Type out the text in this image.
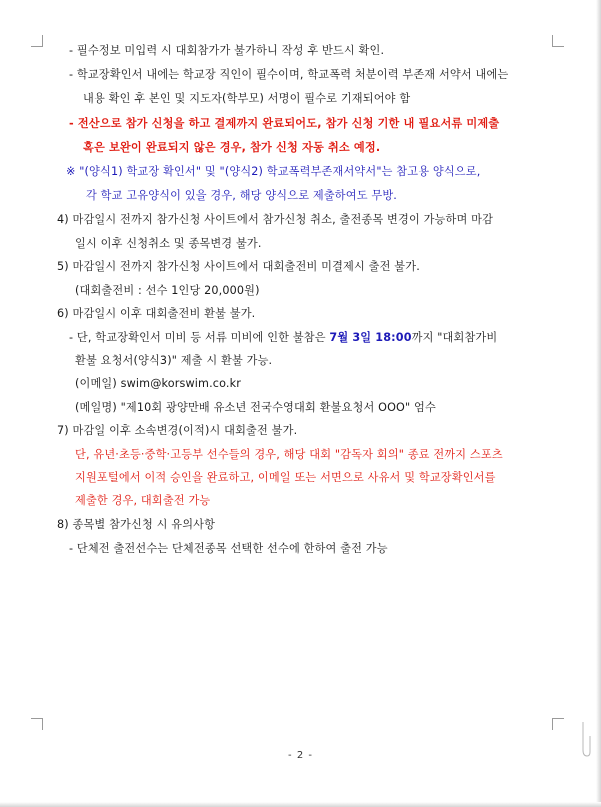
- 필수정보 미입력 시 대회참가가 불가하니 작성 후 반드시 확인.
- 학교장확인서 내에는 학교장 직인이 필수이며, 학교폭력 처분이력 부존재 서약서 내에는
내용 확인 후 본인 및 지도자(학부모) 서명이 필수로 기재되어야 함
- 전산으로 참가 신청을 하고 결제까지 완료되어도, 참가 신청 기한 내 필요서류 미제출
혹은 보완이 완료되지 않은 경우, 참가 신청 자동 취소 예정.
※ "(양식1) 학교장 확인서" 및 "(양식2) 학교폭력부존재서약서"는 참고용 양식으로,
각 학교 고유양식이 있을 경우, 해당 양식으로 제출하여도 무방.
4) 마감일시 전까지 참가신청 사이트에서 참가신청 취소, 출전종목 변경이 가능하며 마감
일시 이후 신청취소 및 종목변경 불가.
5) 마감일시 전까지 참가신청 사이트에서 대회출전비 미결제시 출전 불가.
(대회출전비 : 선수 1인당 20,000원)
6) 마감일시 이후 대회출전비 환불 불가.
- 단, 학교장확인서 미비 등 서류 미비에 인한 불참은 7월 3일 18:00까지 "대회참가비
환불 요청서(양식3)" 제출 시 환불 가능.
(이메일) swim@korswim.co.kr
(메일명) "제10회 광양만배 유소년 전국수영대회 환불요청서 OOO" 엄수
7) 마감일 이후 소속변경(이적)시 대회출전 불가.
단, 유년·초등·중학·고등부 선수들의 경우, 해당 대회 "감독자 회의" 종료 전까지 스포츠
지원포털에서 이적 승인을 완료하고, 이메일 또는 서면으로 사유서 및 학교장확인서를
제출한 경우, 대회출전 가능
8) 종목별 참가신청 시 유의사항
- 단체전 출전선수는 단체전종목 선택한 선수에 한하여 출전 가능
- 2 -
